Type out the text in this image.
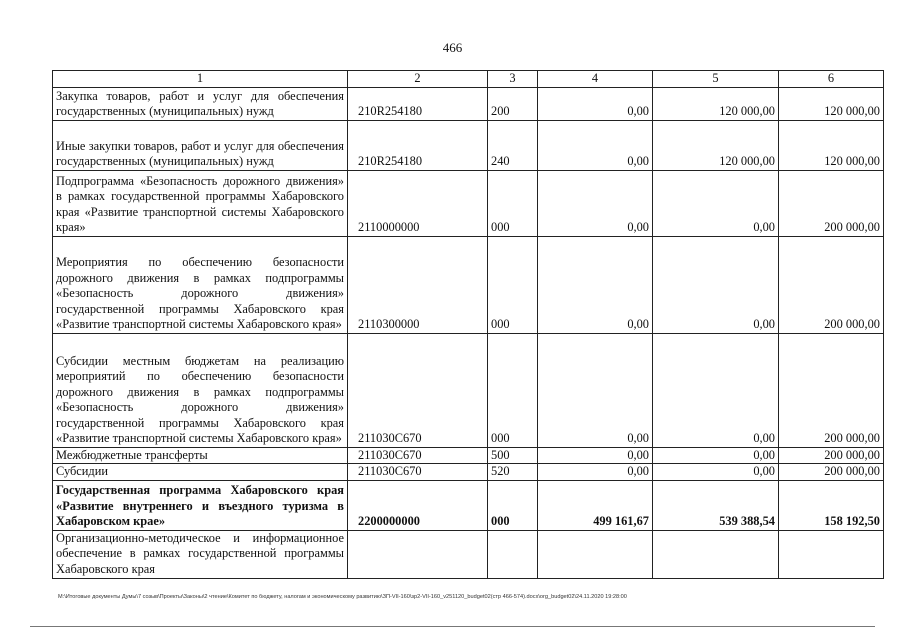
466
1	2	3	4	5	6
Закупка товаров, работ и услуг для обеспечения государственных (муниципальных) нужд	210R254180	200	0,00	120 000,00	120 000,00
Иные закупки товаров, работ и услуг для обеспечения государственных (муниципальных) нужд	210R254180	240	0,00	120 000,00	120 000,00
Подпрограмма «Безопасность дорожного движения» в рамках государственной программы Хабаровского края «Развитие транспортной системы Хабаровского края»	2110000000	000	0,00	0,00	200 000,00
Мероприятия по обеспечению безопасности дорожного движения в рамках подпрограммы «Безопасность дорожного движения» государственной программы Хабаровского края «Развитие транспортной системы Хабаровского края»	2110300000	000	0,00	0,00	200 000,00
Субсидии местным бюджетам на реализацию мероприятий по обеспечению безопасности дорожного движения в рамках подпрограммы «Безопасность дорожного движения» государственной программы Хабаровского края «Развитие транспортной системы Хабаровского края»	211030С670	000	0,00	0,00	200 000,00
Межбюджетные трансферты	211030С670	500	0,00	0,00	200 000,00
Субсидии	211030С670	520	0,00	0,00	200 000,00
Государственная программа Хабаровского края «Развитие внутреннего и въездного туризма в Хабаровском крае»	2200000000	000	499 161,67	539 388,54	158 192,50
Организационно-методическое и информационное обеспечение в рамках государственной программы Хабаровского края					
M:\Итоговые документы Думы\7 созыв\Проекты\Законы\2 чтение\Комитет по бюджету, налогам и экономическому развитию\ЗП-VII-160\зр2-VII-160_v251120_budget02(стр 466-574).docx\org_budget02\24.11.2020 19:28:00
